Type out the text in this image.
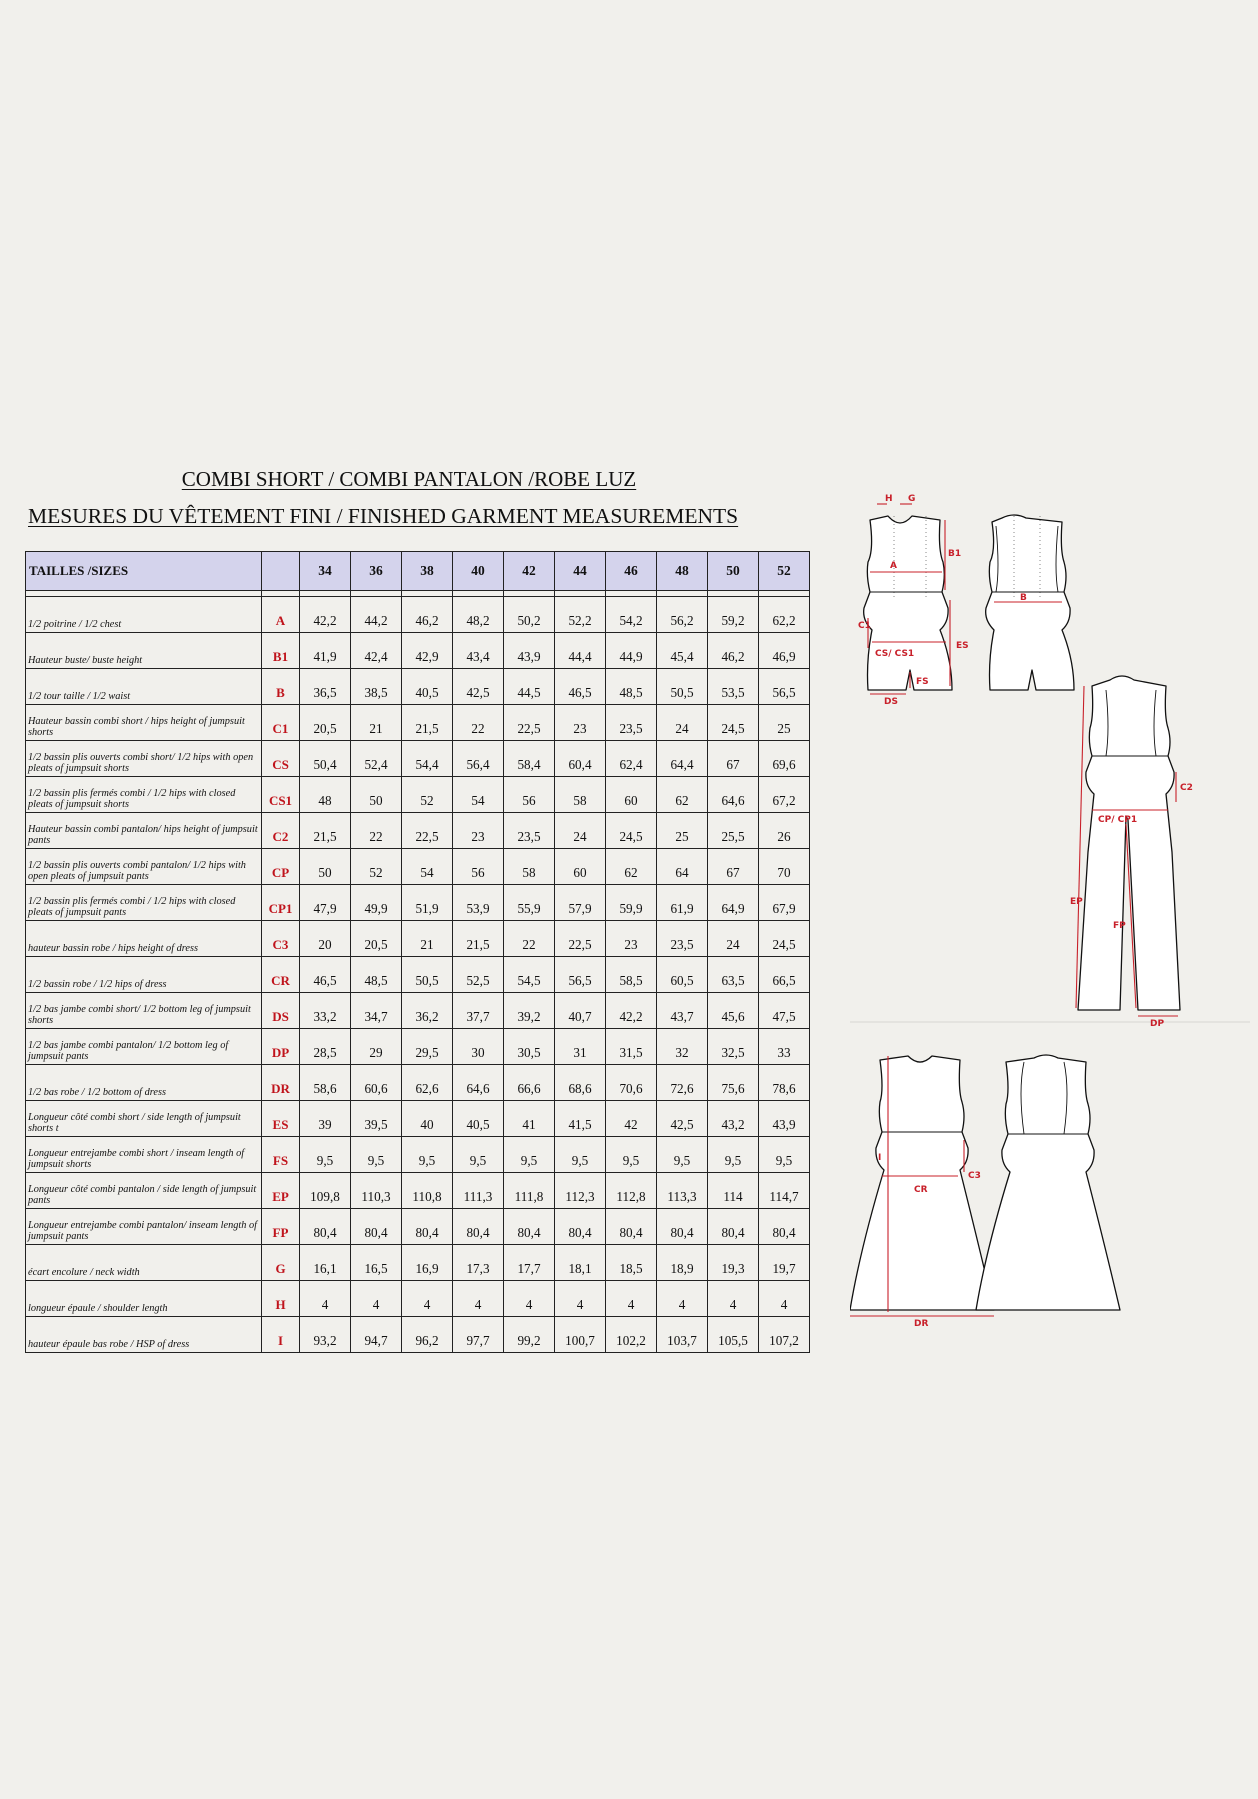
COMBI SHORT / COMBI PANTALON /ROBE LUZ
MESURES DU VÊTEMENT FINI / FINISHED GARMENT MEASUREMENTS
TAILLES /SIZES		34	36	38	40	42	44	46	48	50	52

1/2 poitrine / 1/2 chest	A	42,2	44,2	46,2	48,2	50,2	52,2	54,2	56,2	59,2	62,2
Hauteur buste/ buste height	B1	41,9	42,4	42,9	43,4	43,9	44,4	44,9	45,4	46,2	46,9
1/2 tour taille / 1/2 waist	B	36,5	38,5	40,5	42,5	44,5	46,5	48,5	50,5	53,5	56,5
Hauteur bassin combi short / hips height of jumpsuit shorts	C1	20,5	21	21,5	22	22,5	23	23,5	24	24,5	25
1/2 bassin plis ouverts combi short/ 1/2 hips with open pleats of jumpsuit shorts	CS	50,4	52,4	54,4	56,4	58,4	60,4	62,4	64,4	67	69,6
1/2 bassin plis fermés combi / 1/2 hips with closed pleats of jumpsuit shorts	CS1	48	50	52	54	56	58	60	62	64,6	67,2
Hauteur bassin combi pantalon/ hips height of jumpsuit pants	C2	21,5	22	22,5	23	23,5	24	24,5	25	25,5	26
1/2 bassin plis ouverts combi pantalon/ 1/2 hips with open pleats of jumpsuit pants	CP	50	52	54	56	58	60	62	64	67	70
1/2 bassin plis fermés combi / 1/2 hips with closed pleats of jumpsuit pants	CP1	47,9	49,9	51,9	53,9	55,9	57,9	59,9	61,9	64,9	67,9
hauteur bassin robe / hips height of dress	C3	20	20,5	21	21,5	22	22,5	23	23,5	24	24,5
1/2 bassin robe / 1/2 hips of dress	CR	46,5	48,5	50,5	52,5	54,5	56,5	58,5	60,5	63,5	66,5
1/2 bas jambe combi short/ 1/2 bottom leg of jumpsuit shorts	DS	33,2	34,7	36,2	37,7	39,2	40,7	42,2	43,7	45,6	47,5
1/2 bas jambe combi pantalon/ 1/2 bottom leg of jumpsuit pants	DP	28,5	29	29,5	30	30,5	31	31,5	32	32,5	33
1/2 bas robe / 1/2 bottom of dress	DR	58,6	60,6	62,6	64,6	66,6	68,6	70,6	72,6	75,6	78,6
Longueur côté combi short / side length of jumpsuit shorts t	ES	39	39,5	40	40,5	41	41,5	42	42,5	43,2	43,9
Longueur entrejambe combi short / inseam length of jumpsuit shorts	FS	9,5	9,5	9,5	9,5	9,5	9,5	9,5	9,5	9,5	9,5
Longueur côté combi pantalon / side length of jumpsuit pants	EP	109,8	110,3	110,8	111,3	111,8	112,3	112,8	113,3	114	114,7
Longueur entrejambe combi pantalon/ inseam length of jumpsuit pants	FP	80,4	80,4	80,4	80,4	80,4	80,4	80,4	80,4	80,4	80,4
écart encolure / neck width	G	16,1	16,5	16,9	17,3	17,7	18,1	18,5	18,9	19,3	19,7
longueur épaule / shoulder length	H	4	4	4	4	4	4	4	4	4	4
hauteur épaule bas robe / HSP of dress	I	93,2	94,7	96,2	97,7	99,2	100,7	102,2	103,7	105,5	107,2
H G
A
B1
C1
ES
CS/ CS1
FS
DS
B
C2
CP/ CP1
EP
FP
DP
I
C3
CR
DR
